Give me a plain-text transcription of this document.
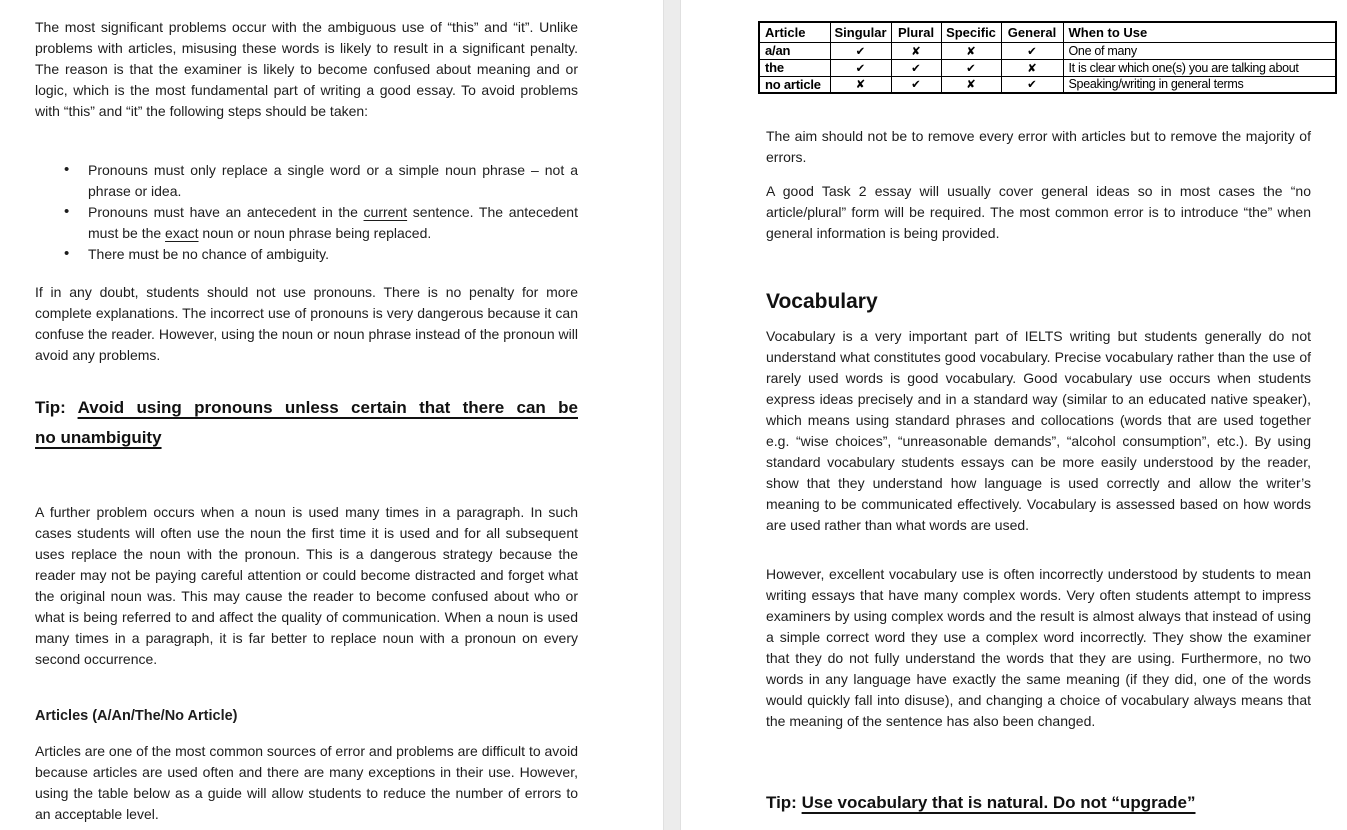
The most significant problems occur with the ambiguous use of “this” and “it”. Unlike problems with articles, misusing these words is likely to result in a significant penalty. The reason is that the examiner is likely to become confused about meaning and or logic, which is the most fundamental part of writing a good essay. To avoid problems with “this” and “it” the following steps should be taken:
• Pronouns must only replace a single word or a simple noun phrase – not a phrase or idea.
• Pronouns must have an antecedent in the current sentence. The antecedent must be the exact noun or noun phrase being replaced.
• There must be no chance of ambiguity.
If in any doubt, students should not use pronouns. There is no penalty for more complete explanations. The incorrect use of pronouns is very dangerous because it can confuse the reader. However, using the noun or noun phrase instead of the pronoun will avoid any problems.
Tip: Avoid using pronouns unless certain that there can be
no unambiguity
A further problem occurs when a noun is used many times in a paragraph. In such cases students will often use the noun the first time it is used and for all subsequent uses replace the noun with the pronoun. This is a dangerous strategy because the reader may not be paying careful attention or could become distracted and forget what the original noun was. This may cause the reader to become confused about who or what is being referred to and affect the quality of communication. When a noun is used many times in a paragraph, it is far better to replace noun with a pronoun on every second occurrence.
Articles (A/An/The/No Article)
Articles are one of the most common sources of error and problems are difficult to avoid because articles are used often and there are many exceptions in their use. However, using the table below as a guide will allow students to reduce the number of errors to an acceptable level.
Article	Singular	Plural	Specific	General	When to Use
a/an	✔	✘	✘	✔	One of many
the	✔	✔	✔	✘	It is clear which one(s) you are talking about
no article	✘	✔	✘	✔	Speaking/writing in general terms
The aim should not be to remove every error with articles but to remove the majority of errors.
A good Task 2 essay will usually cover general ideas so in most cases the “no article/plural” form will be required. The most common error is to introduce “the” when general information is being provided.
Vocabulary
Vocabulary is a very important part of IELTS writing but students generally do not understand what constitutes good vocabulary. Precise vocabulary rather than the use of rarely used words is good vocabulary. Good vocabulary use occurs when students express ideas precisely and in a standard way (similar to an educated native speaker), which means using standard phrases and collocations (words that are used together e.g. “wise choices”, “unreasonable demands”, “alcohol consumption”, etc.). By using standard vocabulary students essays can be more easily understood by the reader, show that they understand how language is used correctly and allow the writer’s meaning to be communicated effectively. Vocabulary is assessed based on how words are used rather than what words are used.
However, excellent vocabulary use is often incorrectly understood by students to mean writing essays that have many complex words. Very often students attempt to impress examiners by using complex words and the result is almost always that instead of using a simple correct word they use a complex word incorrectly. They show the examiner that they do not fully understand the words that they are using. Furthermore, no two words in any language have exactly the same meaning (if they did, one of the words would quickly fall into disuse), and changing a choice of vocabulary always means that the meaning of the sentence has also been changed.
Tip: Use vocabulary that is natural. Do not “upgrade”
